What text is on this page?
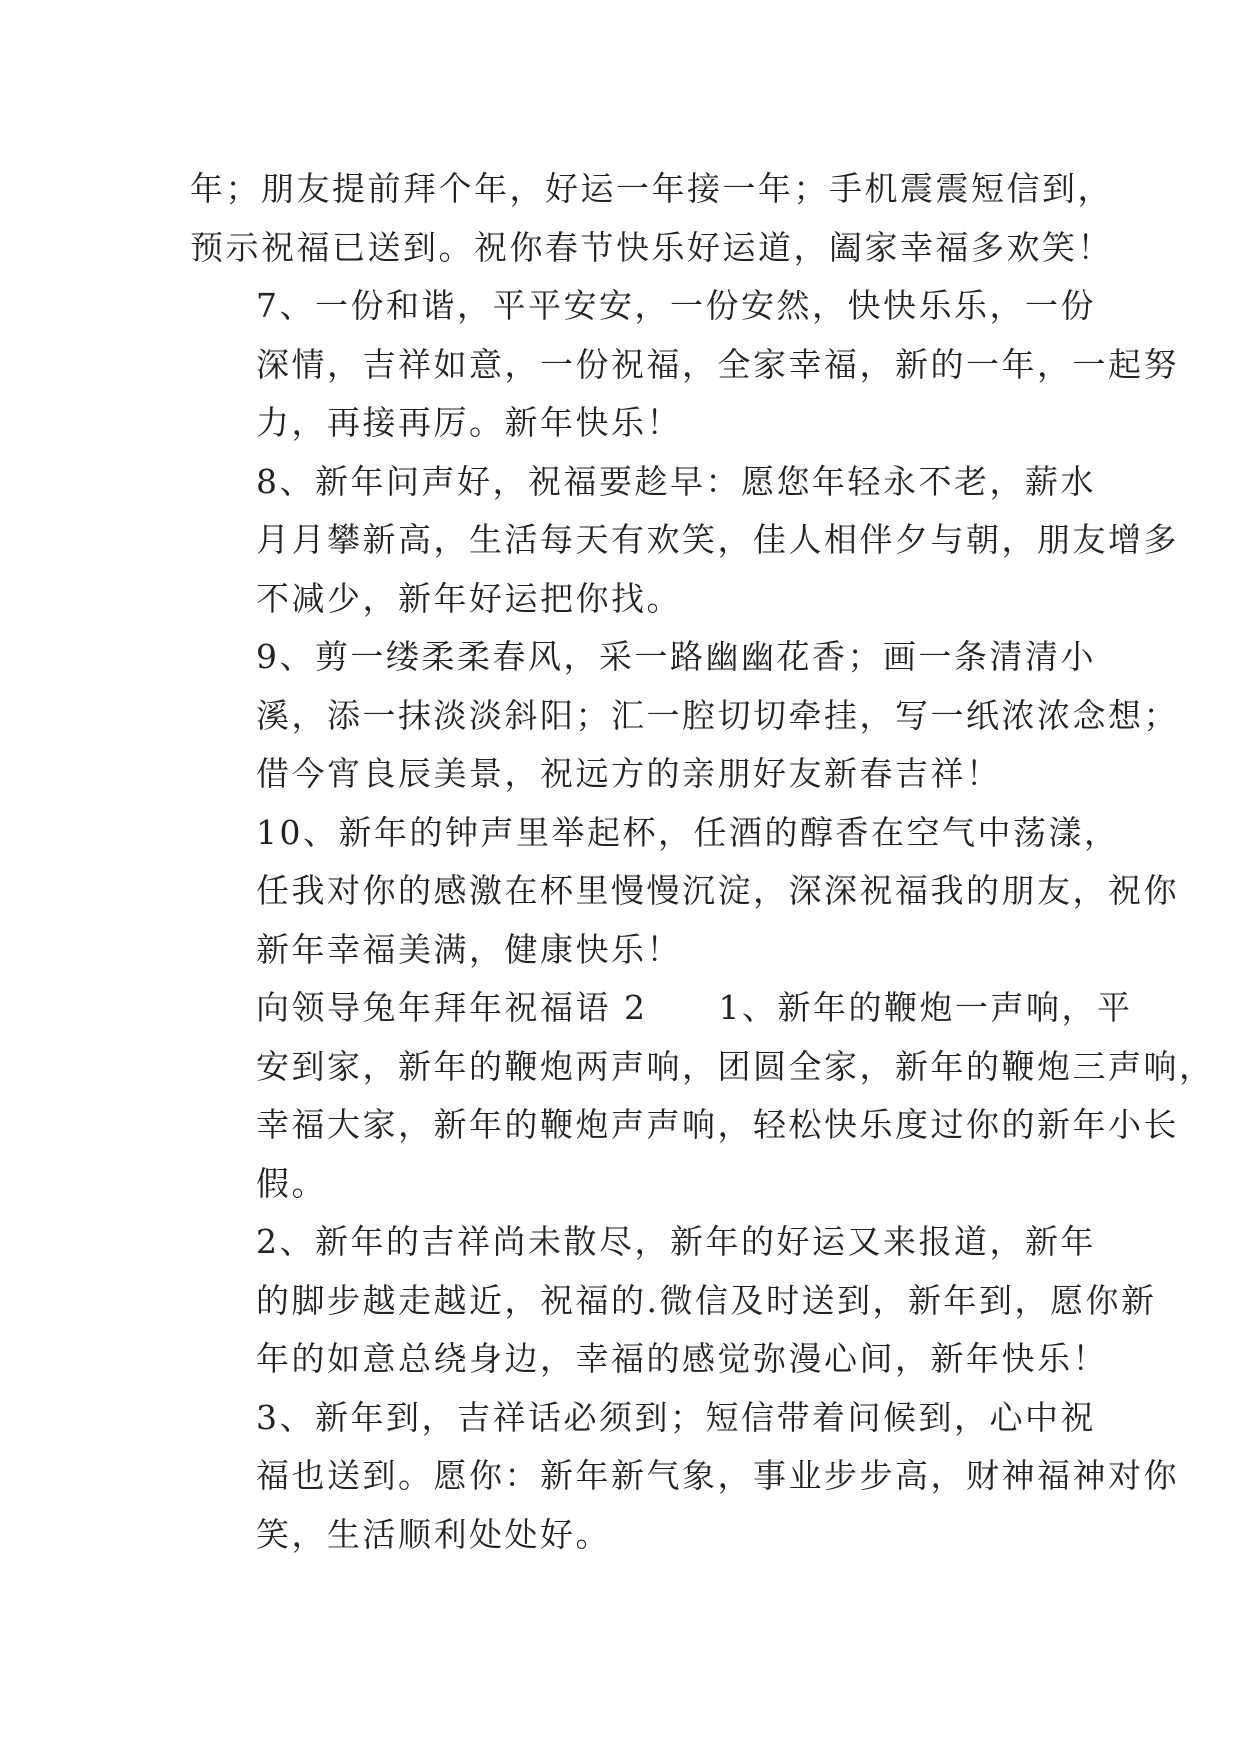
年；朋友提前拜个年，好运一年接一年；手机震震短信到，
预示祝福已送到。祝你春节快乐好运道，阖家幸福多欢笑！

7、一份和谐，平平安安，一份安然，快快乐乐，一份
深情，吉祥如意，一份祝福，全家幸福，新的一年，一起努
力，再接再厉。新年快乐！

8、新年问声好，祝福要趁早：愿您年轻永不老，薪水
月月攀新高，生活每天有欢笑，佳人相伴夕与朝，朋友增多
不减少，新年好运把你找。

9、剪一缕柔柔春风，采一路幽幽花香；画一条清清小
溪，添一抹淡淡斜阳；汇一腔切切牵挂，写一纸浓浓念想；
借今宵良辰美景，祝远方的亲朋好友新春吉祥！

10、新年的钟声里举起杯，任酒的醇香在空气中荡漾，
任我对你的感激在杯里慢慢沉淀，深深祝福我的朋友，祝你
新年幸福美满，健康快乐！

向领导兔年拜年祝福语 2　　1、新年的鞭炮一声响，平
安到家，新年的鞭炮两声响，团圆全家，新年的鞭炮三声响，
幸福大家，新年的鞭炮声声响，轻松快乐度过你的新年小长
假。

2、新年的吉祥尚未散尽，新年的好运又来报道，新年
的脚步越走越近，祝福的.微信及时送到，新年到，愿你新
年的如意总绕身边，幸福的感觉弥漫心间，新年快乐！

3、新年到，吉祥话必须到；短信带着问候到，心中祝
福也送到。愿你：新年新气象，事业步步高，财神福神对你
笑，生活顺利处处好。
